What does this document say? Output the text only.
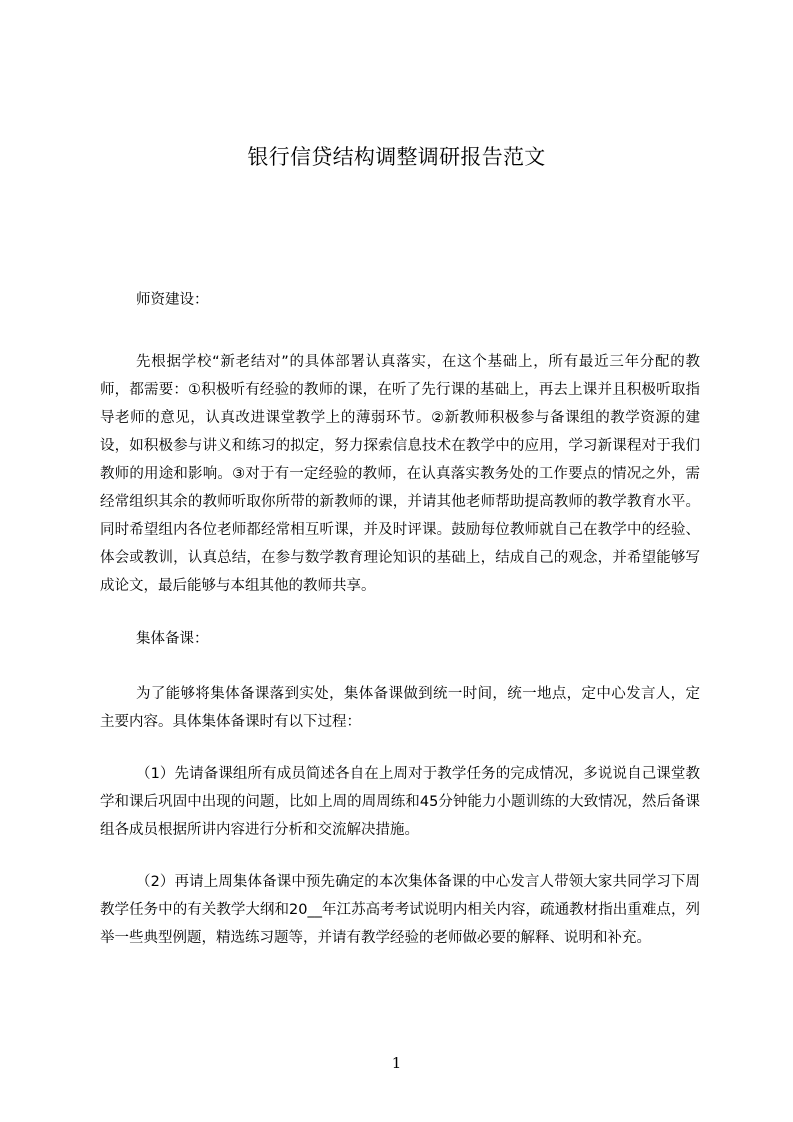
银行信贷结构调整调研报告范文

师资建设：

先根据学校“新老结对”的具体部署认真落实，在这个基础上，所有最近三年分配的教师，都需要：①积极听有经验的教师的课，在听了先行课的基础上，再去上课并且积极听取指导老师的意见，认真改进课堂教学上的薄弱环节。②新教师积极参与备课组的教学资源的建设，如积极参与讲义和练习的拟定，努力探索信息技术在教学中的应用，学习新课程对于我们教师的用途和影响。③对于有一定经验的教师，在认真落实教务处的工作要点的情况之外，需经常组织其余的教师听取你所带的新教师的课，并请其他老师帮助提高教师的教学教育水平。同时希望组内各位老师都经常相互听课，并及时评课。鼓励每位教师就自己在教学中的经验、体会或教训，认真总结，在参与数学教育理论知识的基础上，结成自己的观念，并希望能够写成论文，最后能够与本组其他的教师共享。

集体备课：

为了能够将集体备课落到实处，集体备课做到统一时间，统一地点，定中心发言人，定主要内容。具体集体备课时有以下过程：

（1）先请备课组所有成员简述各自在上周对于教学任务的完成情况，多说说自己课堂教学和课后巩固中出现的问题，比如上周的周周练和45分钟能力小题训练的大致情况，然后备课组各成员根据所讲内容进行分析和交流解决措施。

（2）再请上周集体备课中预先确定的本次集体备课的中心发言人带领大家共同学习下周教学任务中的有关教学大纲和20__年江苏高考考试说明内相关内容，疏通教材指出重难点，列举一些典型例题，精选练习题等，并请有教学经验的老师做必要的解释、说明和补充。

1
